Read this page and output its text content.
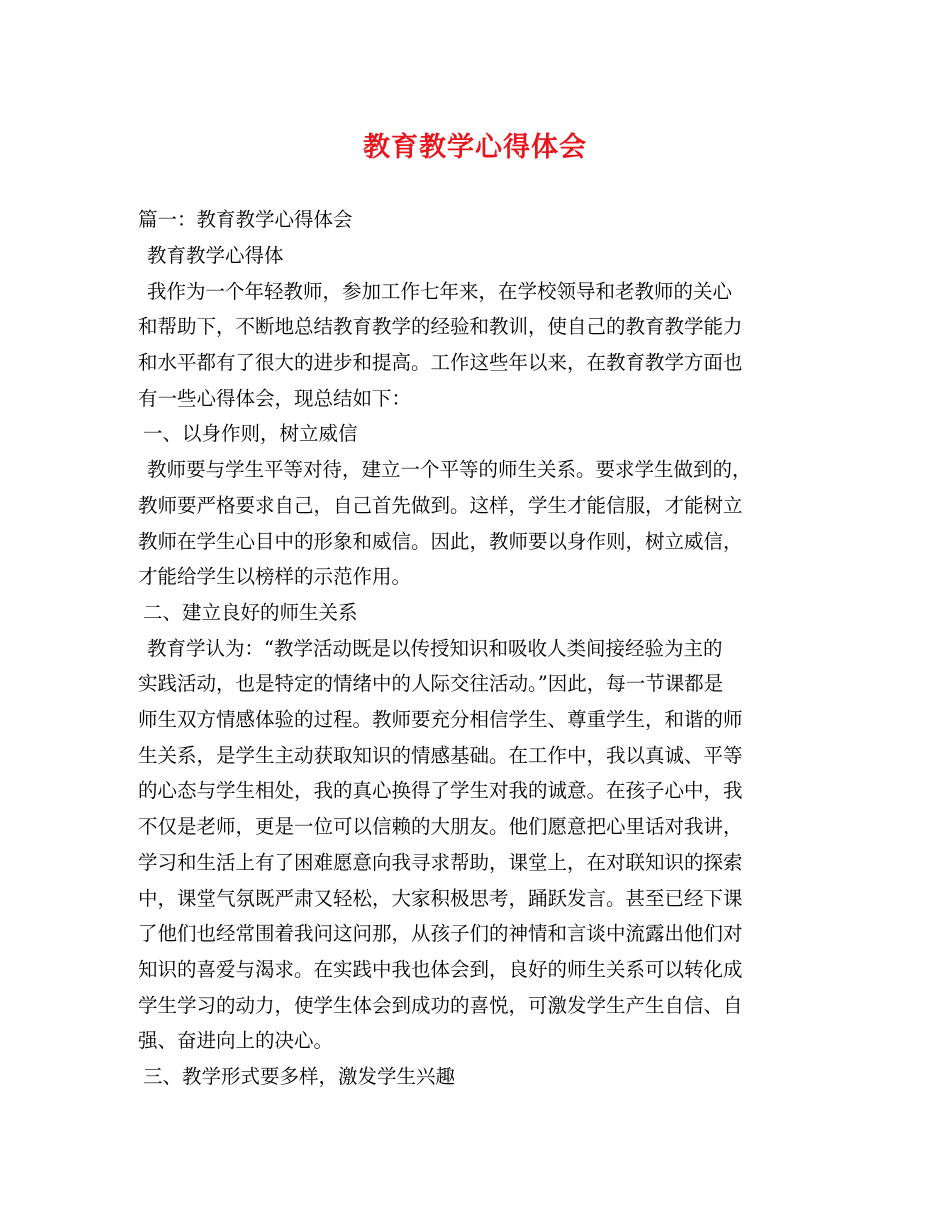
教育教学心得体会
篇一：教育教学心得体会
教育教学心得体
我作为一个年轻教师，参加工作七年来，在学校领导和老教师的关心
和帮助下，不断地总结教育教学的经验和教训，使自己的教育教学能力
和水平都有了很大的进步和提高。工作这些年以来，在教育教学方面也
有一些心得体会，现总结如下：
一、以身作则，树立威信
教师要与学生平等对待，建立一个平等的师生关系。要求学生做到的，
教师要严格要求自己，自己首先做到。这样，学生才能信服，才能树立
教师在学生心目中的形象和威信。因此，教师要以身作则，树立威信，
才能给学生以榜样的示范作用。
二、建立良好的师生关系
教育学认为：“教学活动既是以传授知识和吸收人类间接经验为主的
实践活动，也是特定的情绪中的人际交往活动。”因此，每一节课都是
师生双方情感体验的过程。教师要充分相信学生、尊重学生，和谐的师
生关系，是学生主动获取知识的情感基础。在工作中，我以真诚、平等
的心态与学生相处，我的真心换得了学生对我的诚意。在孩子心中，我
不仅是老师，更是一位可以信赖的大朋友。他们愿意把心里话对我讲，
学习和生活上有了困难愿意向我寻求帮助，课堂上，在对联知识的探索
中，课堂气氛既严肃又轻松，大家积极思考，踊跃发言。甚至已经下课
了他们也经常围着我问这问那，从孩子们的神情和言谈中流露出他们对
知识的喜爱与渴求。在实践中我也体会到，良好的师生关系可以转化成
学生学习的动力，使学生体会到成功的喜悦，可激发学生产生自信、自
强、奋进向上的决心。
三、教学形式要多样，激发学生兴趣
